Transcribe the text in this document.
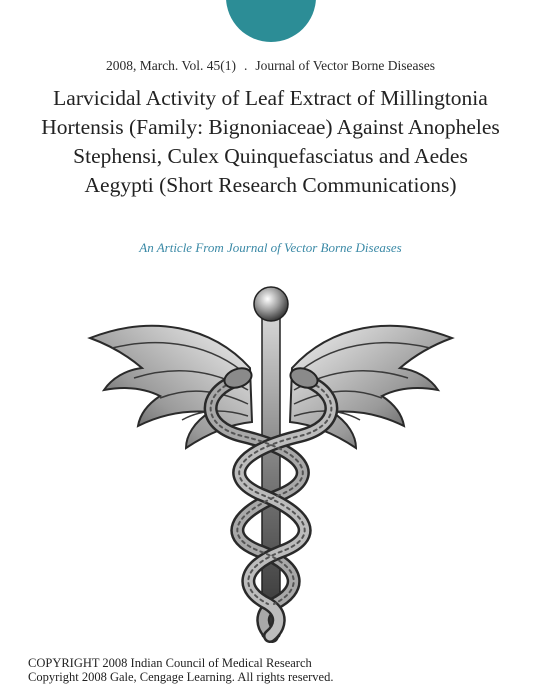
2008, March. Vol. 45(1) . Journal of Vector Borne Diseases
Larvicidal Activity of Leaf Extract of Millingtonia Hortensis (Family: Bignoniaceae) Against Anopheles Stephensi, Culex Quinquefasciatus and Aedes Aegypti (Short Research Communications)
An Article From Journal of Vector Borne Diseases
COPYRIGHT 2008 Indian Council of Medical Research
Copyright 2008 Gale, Cengage Learning. All rights reserved.
